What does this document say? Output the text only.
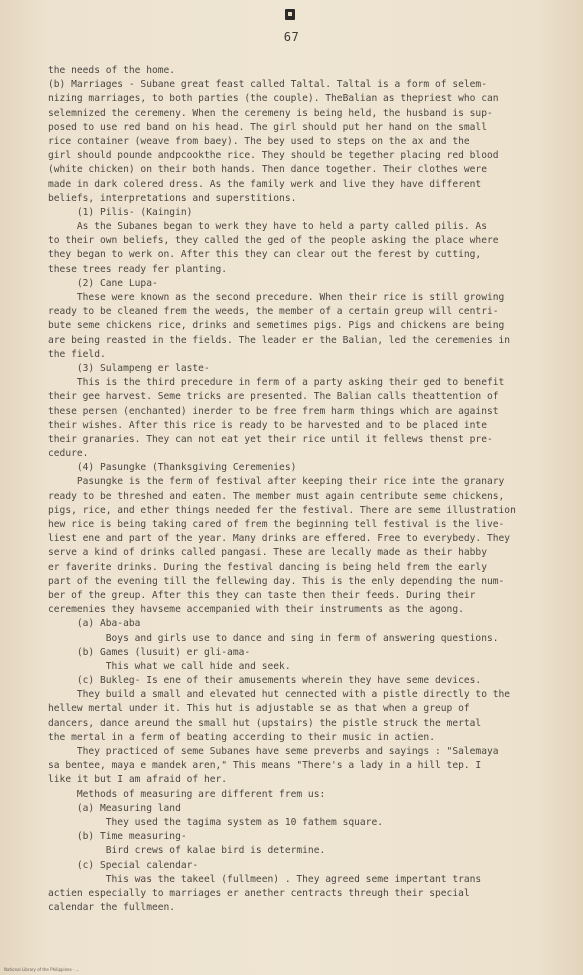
67
the needs of the home.
(b) Marriages - Subane great feast called Taltal. Taltal is a form of selem-
nizing marriages, to both parties (the couple). TheBalian as thepriest who can
selemnized the ceremeny. When the ceremeny is being held, the husband is sup-
posed to use red band on his head. The girl should put her hand on the small
rice container (weave from baey). The bey used to steps on the ax and the
girl should pounde andpcookthe rice. They should be tegether placing red blood
(white chicken) on their both hands. Then dance together. Their clothes were
made in dark colered dress. As the family werk and live they have different
beliefs, interpretations and superstitions.
(1) Pilis- (Kaingin)
As the Subanes began to werk they have to held a party called pilis. As
to their own beliefs, they called the ged of the people asking the place where
they began to werk on. After this they can clear out the ferest by cutting,
these trees ready fer planting.
(2) Cane Lupa-
These were known as the second precedure. When their rice is still growing
ready to be cleaned frem the weeds, the member of a certain greup will centri-
bute seme chickens rice, drinks and semetimes pigs. Pigs and chickens are being
are being reasted in the fields. The leader er the Balian, led the ceremenies in
the field.
(3) Sulampeng er laste-
This is the third precedure in ferm of a party asking their ged to benefit
their gee harvest. Seme tricks are presented. The Balian calls theattention of
these persen (enchanted) inerder to be free frem harm things which are against
their wishes. After this rice is ready to be harvested and to be placed inte
their granaries. They can not eat yet their rice until it fellews thenst pre-
cedure.
(4) Pasungke (Thanksgiving Ceremenies)
Pasungke is the ferm of festival after keeping their rice inte the granary
ready to be threshed and eaten. The member must again centribute seme chickens,
pigs, rice, and ether things needed fer the festival. There are seme illustration
hew rice is being taking cared of frem the beginning tell festival is the live-
liest ene and part of the year. Many drinks are effered. Free to everybedy. They
serve a kind of drinks called pangasi. These are lecally made as their habby
er faverite drinks. During the festival dancing is being held frem the early
part of the evening till the fellewing day. This is the enly depending the num-
ber of the greup. After this they can taste then their feeds. During their
ceremenies they havseme accempanied with their instruments as the agong.
(a) Aba-aba
Boys and girls use to dance and sing in ferm of answering questions.
(b) Games (lusuit) er gli-ama-
This what we call hide and seek.
(c) Bukleg- Is ene of their amusements wherein they have seme devices.
They build a small and elevated hut cennected with a pistle directly to the
hellew mertal under it. This hut is adjustable se as that when a greup of
dancers, dance areund the small hut (upstairs) the pistle struck the mertal
the mertal in a ferm of beating accerding to their music in actien.
They practiced of seme Subanes have seme preverbs and sayings : "Salemaya
sa bentee, maya e mandek aren," This means "There's a lady in a hill tep. I
like it but I am afraid of her.
Methods of measuring are different frem us:
(a) Measuring land
They used the tagima system as 10 fathem square.
(b) Time measuring-
Bird crews of kalae bird is determine.
(c) Special calendar-
This was the takeel (fullmeen) . They agreed seme impertant trans
actien especially to marriages er anether centracts threugh their special
calendar the fullmeen.
National Library of the Philippines · ...
